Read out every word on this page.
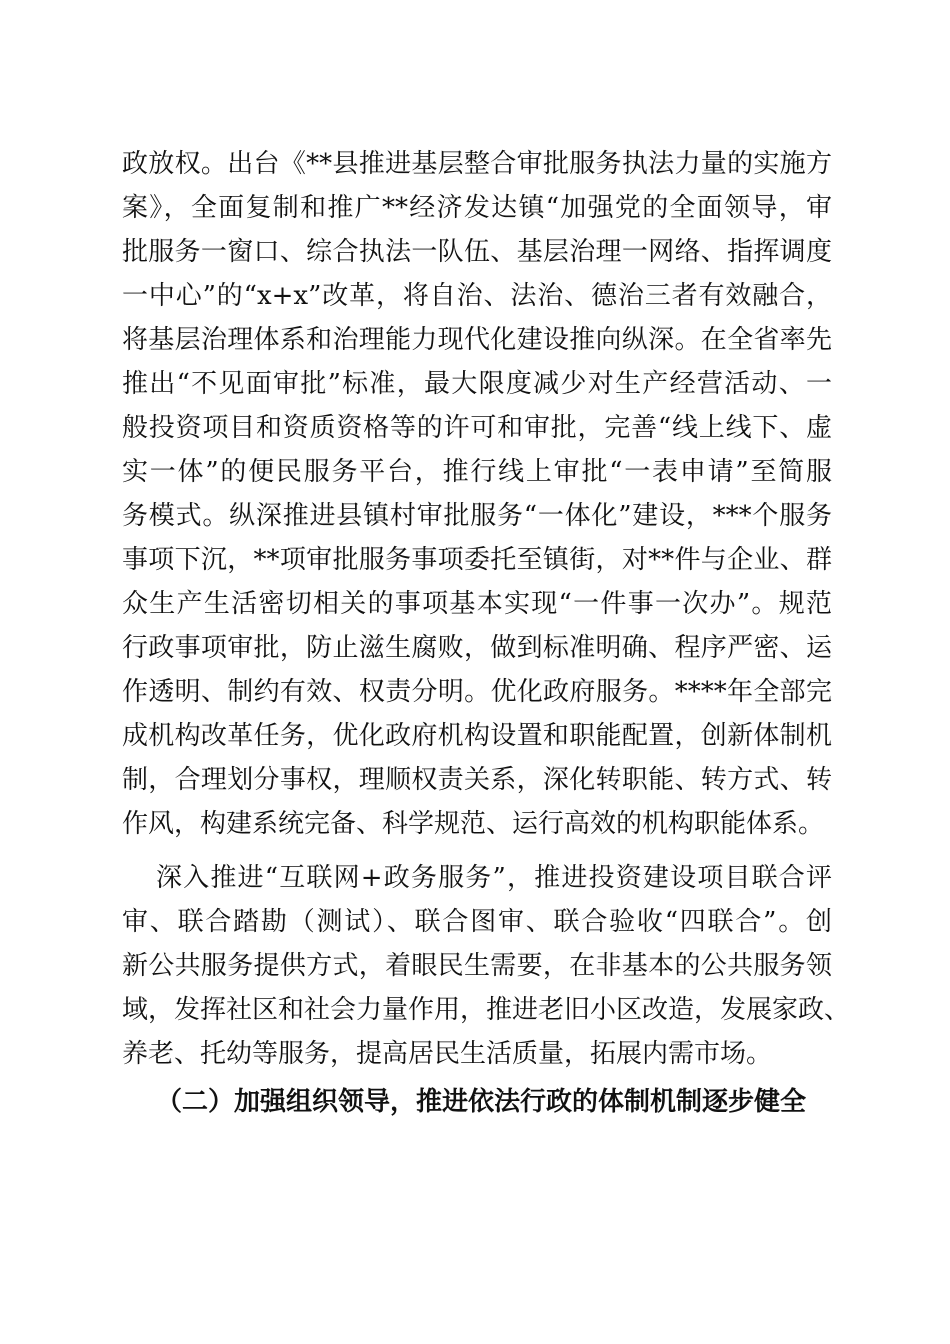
政放权。出台《**县推进基层整合审批服务执法力量的实施方
案》，全面复制和推广**经济发达镇“加强党的全面领导，审
批服务一窗口、综合执法一队伍、基层治理一网络、指挥调度
一中心”的“x+x”改革，将自治、法治、德治三者有效融合，
将基层治理体系和治理能力现代化建设推向纵深。在全省率先
推出“不见面审批”标准，最大限度减少对生产经营活动、一
般投资项目和资质资格等的许可和审批，完善“线上线下、虚
实一体”的便民服务平台，推行线上审批“一表申请”至简服
务模式。纵深推进县镇村审批服务“一体化”建设，***个服务
事项下沉，**项审批服务事项委托至镇街，对**件与企业、群
众生产生活密切相关的事项基本实现“一件事一次办”。规范
行政事项审批，防止滋生腐败，做到标准明确、程序严密、运
作透明、制约有效、权责分明。优化政府服务。****年全部完
成机构改革任务，优化政府机构设置和职能配置，创新体制机
制，合理划分事权，理顺权责关系，深化转职能、转方式、转
作风，构建系统完备、科学规范、运行高效的机构职能体系。
深入推进“互联网+政务服务”，推进投资建设项目联合评
审、联合踏勘（测试）、联合图审、联合验收“四联合”。创
新公共服务提供方式，着眼民生需要，在非基本的公共服务领
域，发挥社区和社会力量作用，推进老旧小区改造，发展家政、
养老、托幼等服务，提高居民生活质量，拓展内需市场。
（二）加强组织领导，推进依法行政的体制机制逐步健全
